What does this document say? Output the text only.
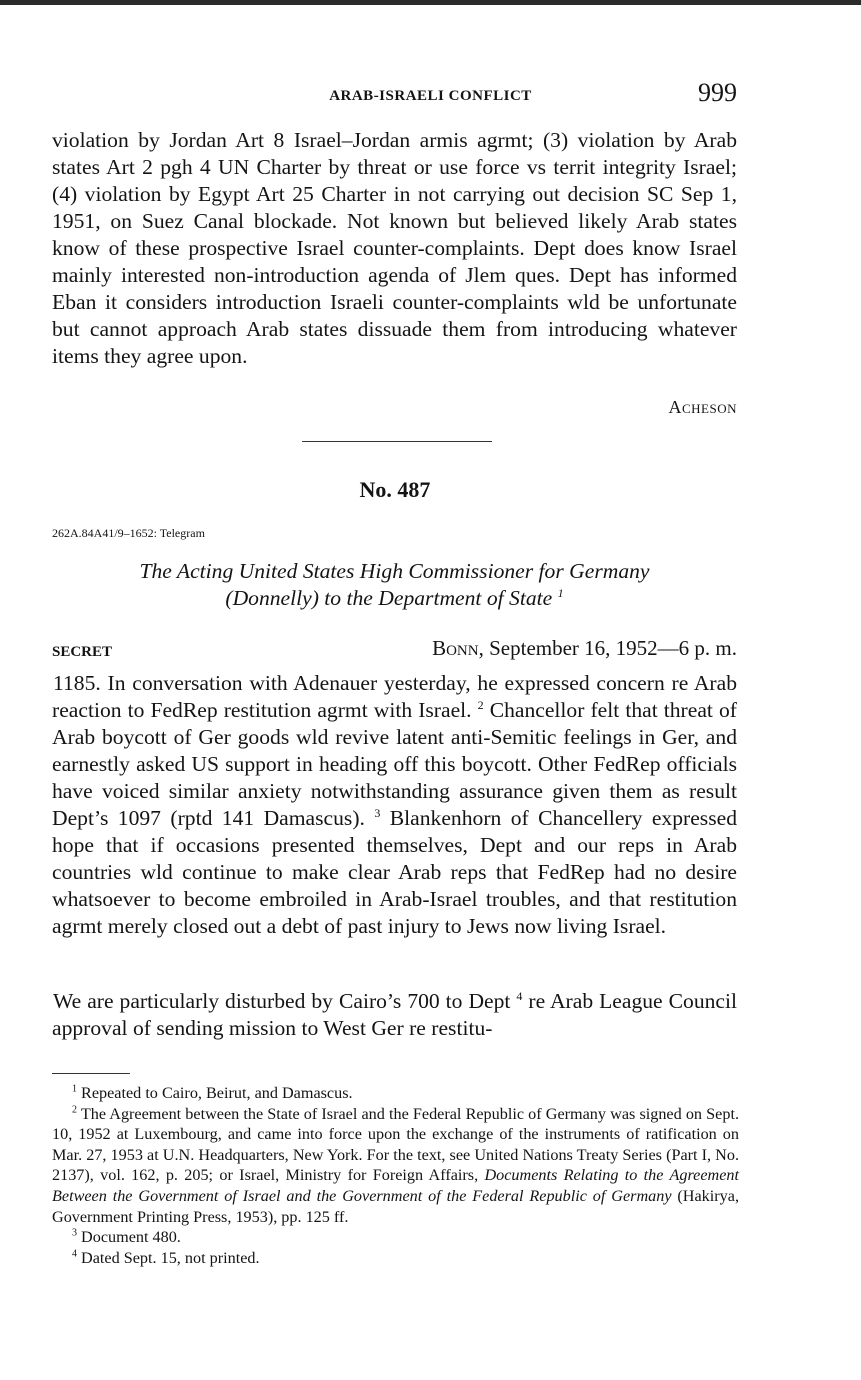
ARAB-ISRAELI CONFLICT	999

violation by Jordan Art 8 Israel–Jordan armis agrmt; (3) violation by Arab states Art 2 pgh 4 UN Charter by threat or use force vs territ integrity Israel; (4) violation by Egypt Art 25 Charter in not carrying out decision SC Sep 1, 1951, on Suez Canal blockade. Not known but believed likely Arab states know of these prospective Israel counter-complaints. Dept does know Israel mainly interested non-introduction agenda of Jlem ques. Dept has informed Eban it considers introduction Israeli counter-complaints wld be unfortunate but cannot approach Arab states dissuade them from introducing whatever items they agree upon.

Acheson
No. 487
262A.84A41/9–1652: Telegram
The Acting United States High Commissioner for Germany
(Donnelly) to the Department of State $^1$
SECRET	Bonn, September 16, 1952—6 p. m.

1185. In conversation with Adenauer yesterday, he expressed concern re Arab reaction to FedRep restitution agrmt with Israel. $^2$ Chancellor felt that threat of Arab boycott of Ger goods wld revive latent anti-Semitic feelings in Ger, and earnestly asked US support in heading off this boycott. Other FedRep officials have voiced similar anxiety notwithstanding assurance given them as result Dept’s 1097 (rptd 141 Damascus). $^3$ Blankenhorn of Chancellery expressed hope that if occasions presented themselves, Dept and our reps in Arab countries wld continue to make clear Arab reps that FedRep had no desire whatsoever to become embroiled in Arab-Israel troubles, and that restitution agrmt merely closed out a debt of past injury to Jews now living Israel.

We are particularly disturbed by Cairo’s 700 to Dept $^4$ re Arab League Council approval of sending mission to West Ger re restitu-

$^1$ Repeated to Cairo, Beirut, and Damascus.

$^2$ The Agreement between the State of Israel and the Federal Republic of Germany was signed on Sept. 10, 1952 at Luxembourg, and came into force upon the exchange of the instruments of ratification on Mar. 27, 1953 at U.N. Headquarters, New York. For the text, see United Nations Treaty Series (Part I, No. 2137), vol. 162, p. 205; or Israel, Ministry for Foreign Affairs, Documents Relating to the Agreement Between the Government of Israel and the Government of the Federal Republic of Germany (Hakirya, Government Printing Press, 1953), pp. 125 ff.

$^3$ Document 480.

$^4$ Dated Sept. 15, not printed.
